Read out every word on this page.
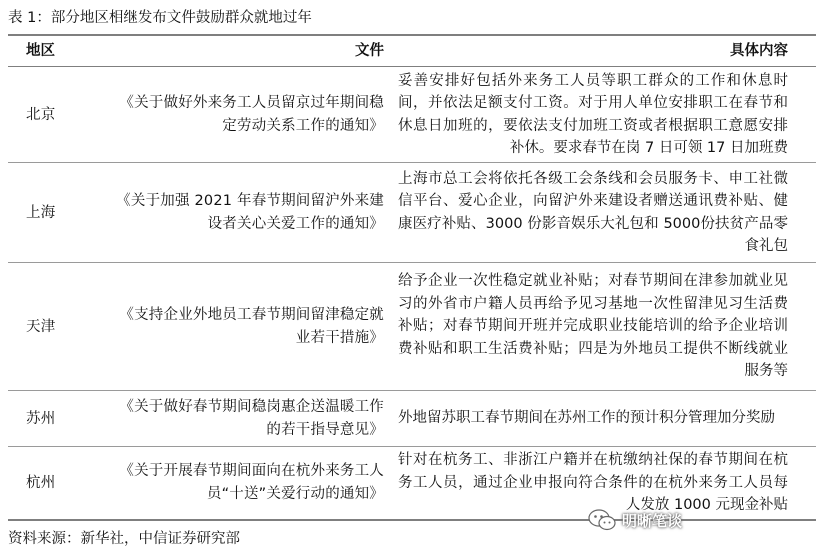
表 1：部分地区相继发布文件鼓励群众就地过年
地区	文件	具体内容
北京
《关于做好外来务工人员留京过年期间稳定劳动关系工作的通知》
妥善安排好包括外来务工人员等职工群众的工作和休息时间，并依法足额支付工资。对于用人单位安排职工在春节和休息日加班的，要依法支付加班工资或者根据职工意愿安排补休。要求春节在岗 7 日可领 17 日加班费
上海
《关于加强 2021 年春节期间留沪外来建设者关心关爱工作的通知》
上海市总工会将依托各级工会条线和会员服务卡、申工社微信平台、爱心企业，向留沪外来建设者赠送通讯费补贴、健康医疗补贴、3000 份影音娱乐大礼包和 5000份扶贫产品零食礼包
天津
《支持企业外地员工春节期间留津稳定就业若干措施》
给予企业一次性稳定就业补贴；对春节期间在津参加就业见习的外省市户籍人员再给予见习基地一次性留津见习生活费补贴；对春节期间开班并完成职业技能培训的给予企业培训费补贴和职工生活费补贴；四是为外地员工提供不断线就业服务等
苏州
《关于做好春节期间稳岗惠企送温暖工作的若干指导意见》
外地留苏职工春节期间在苏州工作的预计积分管理加分奖励
杭州
《关于开展春节期间面向在杭外来务工人员“十送”关爱行动的通知》
针对在杭务工、非浙江户籍并在杭缴纳社保的春节期间在杭务工人员，通过企业申报向符合条件的在杭外来务工人员每人发放 1000 元现金补贴
资料来源：新华社，中信证券研究部
明晰笔谈
